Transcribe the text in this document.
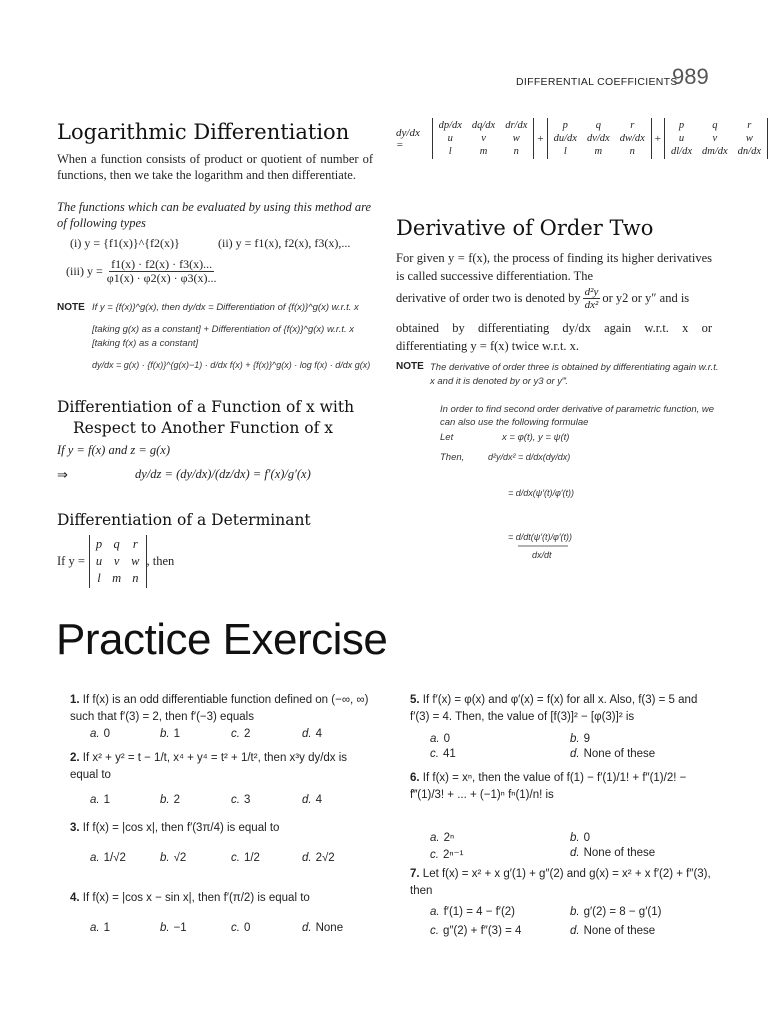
DIFFERENTIAL COEFFICIENTS
989
Logarithmic Differentiation
When a function consists of product or quotient of number of functions, then we take the logarithm and then differentiate.
The functions which can be evaluated by using this method are of following types
(i) y = {f1(x)}^{f2(x)}	(ii) y = f1(x), f2(x), f3(x),...
(iii) $y = \frac{f1(x) \cdot f2(x) \cdot f3(x)...}{\varphi 1(x) \cdot \varphi 2(x) \cdot \varphi 3(x)...}$
NOTE If y = {f(x)}^g(x), then dy/dx = Differentiation of {f(x)}^g(x) w.r.t. x
[taking g(x) as a constant] + Differentiation of {f(x)}^g(x) w.r.t. x
[taking f(x) as a constant]
dy/dx = g(x) · {f(x)}^(g(x)−1) · d/dx f(x) + {f(x)}^g(x) · log f(x) · d/dx g(x)
Differentiation of a Function of x with
Respect to Another Function of x
If y = f(x) and z = g(x)
⇒	dy/dz = (dy/dx)/(dz/dx) = f′(x)/g′(x)
Differentiation of a Determinant
If y =
p q r
u v w
l m n
, then
dy/dx =
dp/dx dq/dx dr/dx
u	v	w
l	m	n
+
p	q	r
du/dx dv/dx dw/dx
l	m	n
+
p	q	r
u	v	w
dl/dx dm/dx dn/dx
Derivative of Order Two
For given y = f(x), the process of finding its higher derivatives is called successive differentiation. The
derivative of order two is denoted by $\frac{\text{d²y}}{\text{dx²}}$ or y2 or y″ and is
obtained by differentiating dy/dx again w.r.t. x or differentiating y = f(x) twice w.r.t. x.
NOTE The derivative of order three is obtained by differentiating again w.r.t. x and it is denoted by or y3 or y‴.
In order to find second order derivative of parametric function, we can also use the following formulae
Let	x = φ(t), y = ψ(t)
Then,	d²y/dx² = d/dx(dy/dx)
= d/dx(ψ′(t)/φ′(t))
= d/dt(ψ′(t)/φ′(t))
dx/dt
Practice Exercise
1. If f(x) is an odd differentiable function defined on (−∞, ∞) such that f′(3) = 2, then f′(−3) equals
a. 0	b. 1	c. 2	d. 4
2. If x² + y² = t − 1/t, x⁴ + y⁴ = t² + 1/t², then x³y dy/dx is equal to
a. 1	b. 2	c. 3	d. 4
3. If f(x) = |cos x|, then f′(3π/4) is equal to
a. 1/√2	b. √2	c. 1/2	d. 2√2
4. If f(x) = |cos x − sin x|, then f′(π/2) is equal to
a. 1	b. −1	c. 0	d. None
5. If f′(x) = φ(x) and φ′(x) = f(x) for all x. Also, f(3) = 5 and f′(3) = 4. Then, the value of [f(3)]² − [φ(3)]² is
a. 0	b. 9
c. 41	d. None of these
6. If f(x) = xⁿ, then the value of f(1) − f′(1)/1! + f″(1)/2! − f‴(1)/3! + ... + (−1)ⁿ fⁿ(1)/n! is
a. 2ⁿ	b. 0
c. 2ⁿ⁻¹	d. None of these
7. Let f(x) = x² + x g′(1) + g″(2) and g(x) = x² + x f′(2) + f″(3), then
a. f′(1) = 4 − f′(2)	b. g′(2) = 8 − g′(1)
c. g″(2) + f″(3) = 4	d. None of these
